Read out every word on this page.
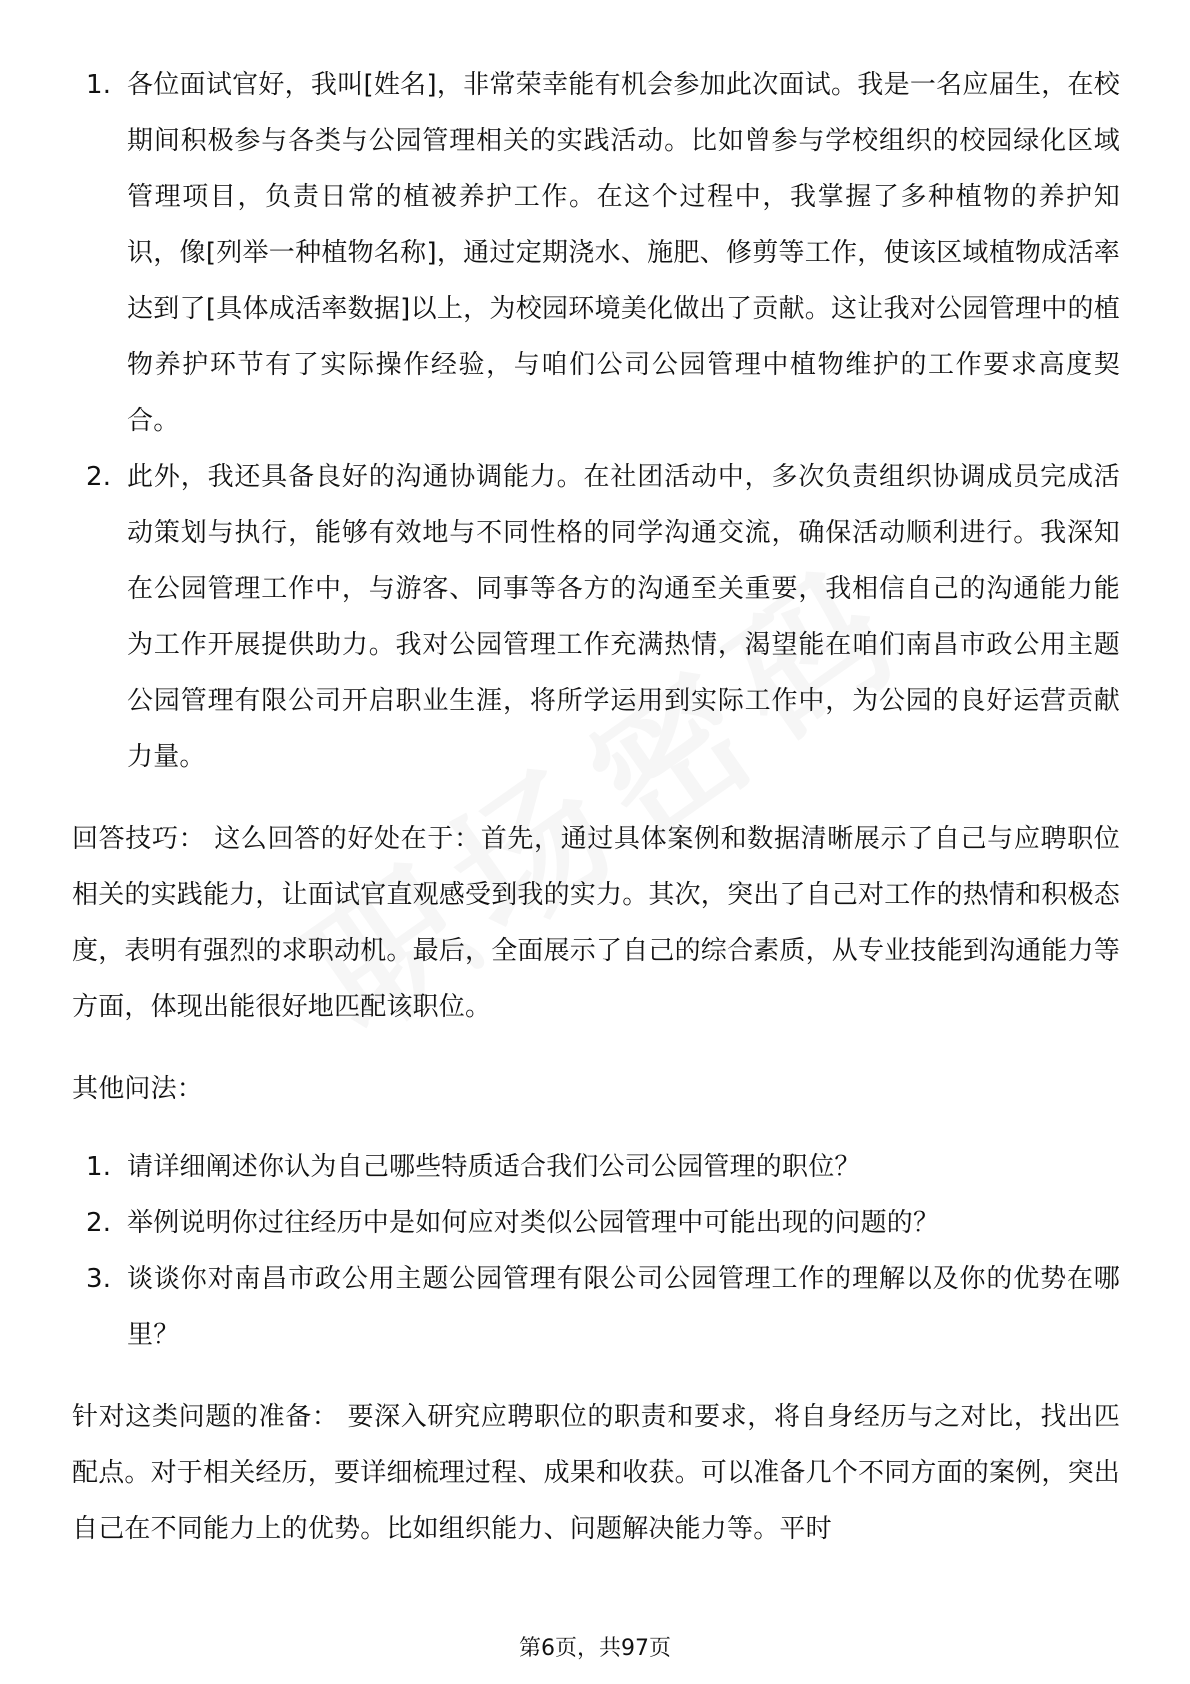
1. 各位面试官好，我叫[姓名]，非常荣幸能有机会参加此次面试。我是一名应届生，在校期间积极参与各类与公园管理相关的实践活动。比如曾参与学校组织的校园绿化区域管理项目，负责日常的植被养护工作。在这个过程中，我掌握了多种植物的养护知识，像[列举一种植物名称]，通过定期浇水、施肥、修剪等工作，使该区域植物成活率达到了[具体成活率数据]以上，为校园环境美化做出了贡献。这让我对公园管理中的植物养护环节有了实际操作经验，与咱们公司公园管理中植物维护的工作要求高度契合。
2. 此外，我还具备良好的沟通协调能力。在社团活动中，多次负责组织协调成员完成活动策划与执行，能够有效地与不同性格的同学沟通交流，确保活动顺利进行。我深知在公园管理工作中，与游客、同事等各方的沟通至关重要，我相信自己的沟通能力能为工作开展提供助力。我对公园管理工作充满热情，渴望能在咱们南昌市政公用主题公园管理有限公司开启职业生涯，将所学运用到实际工作中，为公园的良好运营贡献力量。

回答技巧： 这么回答的好处在于：首先，通过具体案例和数据清晰展示了自己与应聘职位相关的实践能力，让面试官直观感受到我的实力。其次，突出了自己对工作的热情和积极态度，表明有强烈的求职动机。最后，全面展示了自己的综合素质，从专业技能到沟通能力等方面，体现出能很好地匹配该职位。

其他问法：

1. 请详细阐述你认为自己哪些特质适合我们公司公园管理的职位？
2. 举例说明你过往经历中是如何应对类似公园管理中可能出现的问题的？
3. 谈谈你对南昌市政公用主题公园管理有限公司公园管理工作的理解以及你的优势在哪里？

针对这类问题的准备： 要深入研究应聘职位的职责和要求，将自身经历与之对比，找出匹配点。对于相关经历，要详细梳理过程、成果和收获。可以准备几个不同方面的案例，突出自己在不同能力上的优势。比如组织能力、问题解决能力等。平时

第6页，共97页
